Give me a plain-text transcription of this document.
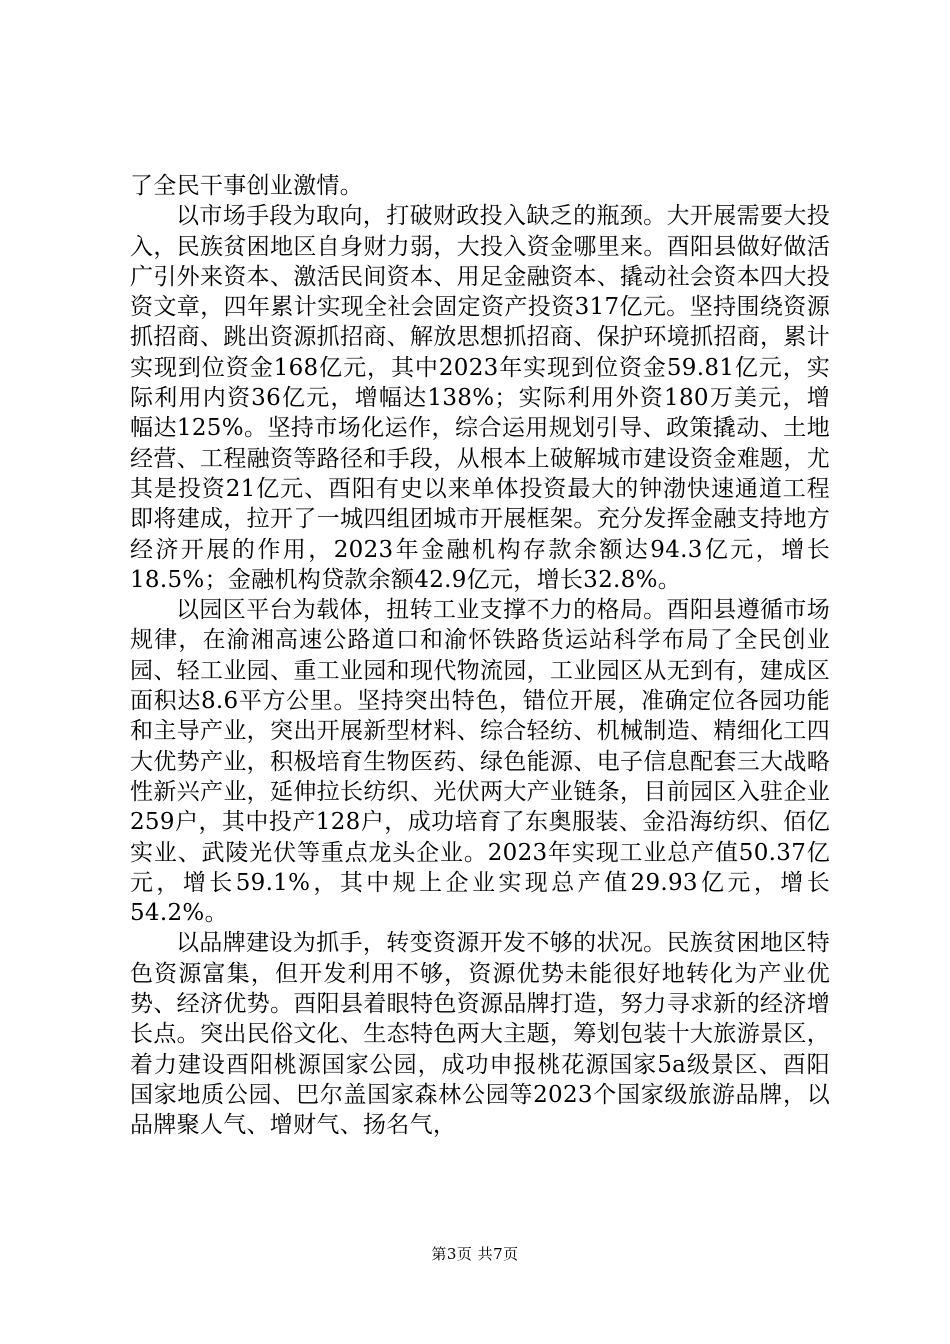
了全民干事创业激情。

以市场手段为取向，打破财政投入缺乏的瓶颈。大开展需要大投入，民族贫困地区自身财力弱，大投入资金哪里来。酉阳县做好做活广引外来资本、激活民间资本、用足金融资本、撬动社会资本四大投资文章，四年累计实现全社会固定资产投资317亿元。坚持围绕资源抓招商、跳出资源抓招商、解放思想抓招商、保护环境抓招商，累计实现到位资金168亿元，其中2023年实现到位资金59.81亿元，实际利用内资36亿元，增幅达138%；实际利用外资180万美元，增幅达125%。坚持市场化运作，综合运用规划引导、政策撬动、土地经营、工程融资等路径和手段，从根本上破解城市建设资金难题，尤其是投资21亿元、酉阳有史以来单体投资最大的钟渤快速通道工程即将建成，拉开了一城四组团城市开展框架。充分发挥金融支持地方经济开展的作用，2023年金融机构存款余额达94.3亿元，增长18.5%；金融机构贷款余额42.9亿元，增长32.8%。

以园区平台为载体，扭转工业支撑不力的格局。酉阳县遵循市场规律，在渝湘高速公路道口和渝怀铁路货运站科学布局了全民创业园、轻工业园、重工业园和现代物流园，工业园区从无到有，建成区面积达8.6平方公里。坚持突出特色，错位开展，准确定位各园功能和主导产业，突出开展新型材料、综合轻纺、机械制造、精细化工四大优势产业，积极培育生物医药、绿色能源、电子信息配套三大战略性新兴产业，延伸拉长纺织、光伏两大产业链条，目前园区入驻企业259户，其中投产128户，成功培育了东奥服装、金沿海纺织、佰亿实业、武陵光伏等重点龙头企业。2023年实现工业总产值50.37亿元，增长59.1%，其中规上企业实现总产值29.93亿元，增长54.2%。

以品牌建设为抓手，转变资源开发不够的状况。民族贫困地区特色资源富集，但开发利用不够，资源优势未能很好地转化为产业优势、经济优势。酉阳县着眼特色资源品牌打造，努力寻求新的经济增长点。突出民俗文化、生态特色两大主题，筹划包装十大旅游景区，着力建设酉阳桃源国家公园，成功申报桃花源国家5a级景区、酉阳国家地质公园、巴尔盖国家森林公园等2023个国家级旅游品牌，以品牌聚人气、增财气、扬名气，

第3页 共7页
